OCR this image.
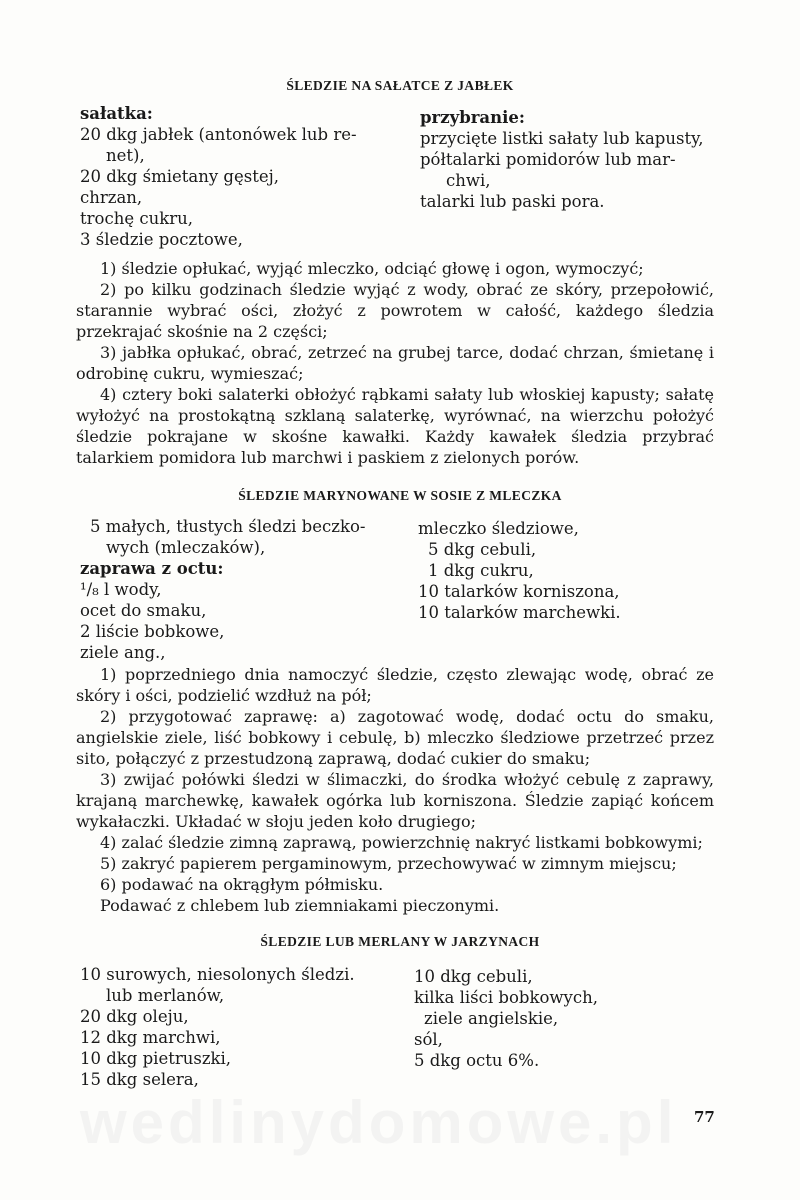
ŚLEDZIE NA SAŁATCE Z JABŁEK
sałatka:
20 dkg jabłek (antonówek lub re-
net),
20 dkg śmietany gęstej,
chrzan,
trochę cukru,
3 śledzie pocztowe,
przybranie:
przycięte listki sałaty lub kapusty,
półtalarki pomidorów lub mar-
chwi,
talarki lub paski pora.

1) śledzie opłukać, wyjąć mleczko, odciąć głowę i ogon, wymoczyć;

2) po kilku godzinach śledzie wyjąć z wody, obrać ze skóry, przepołowić, starannie wybrać ości, złożyć z powrotem w całość, każdego śledzia przekrajać skośnie na 2 części;

3) jabłka opłukać, obrać, zetrzeć na grubej tarce, dodać chrzan, śmietanę i odrobinę cukru, wymieszać;

4) cztery boki salaterki obłożyć rąbkami sałaty lub włoskiej kapusty; sałatę wyłożyć na prostokątną szklaną salaterkę, wyrównać, na wierzchu położyć śledzie pokrajane w skośne kawałki. Każdy kawałek śledzia przybrać talarkiem pomidora lub marchwi i paskiem z zielonych porów.

ŚLEDZIE MARYNOWANE W SOSIE Z MLECZKA
5 małych, tłustych śledzi beczko-
wych (mleczaków),
zaprawa z octu:
¹/₈ l wody,
ocet do smaku,
2 liście bobkowe,
ziele ang.,
mleczko śledziowe,
5 dkg cebuli,
1 dkg cukru,
10 talarków korniszona,
10 talarków marchewki.

1) poprzedniego dnia namoczyć śledzie, często zlewając wodę, obrać ze skóry i ości, podzielić wzdłuż na pół;

2) przygotować zaprawę: a) zagotować wodę, dodać octu do smaku, angielskie ziele, liść bobkowy i cebulę, b) mleczko śledziowe przetrzeć przez sito, połączyć z przestudzoną zaprawą, dodać cukier do smaku;

3) zwijać połówki śledzi w ślimaczki, do środka włożyć cebulę z zaprawy, krajaną marchewkę, kawałek ogórka lub korniszona. Śledzie zapiąć końcem wykałaczki. Układać w słoju jeden koło drugiego;

4) zalać śledzie zimną zaprawą, powierzchnię nakryć listkami bobkowymi;

5) zakryć papierem pergaminowym, przechowywać w zimnym miejscu;

6) podawać na okrągłym półmisku.

Podawać z chlebem lub ziemniakami pieczonymi.

ŚLEDZIE LUB MERLANY W JARZYNACH
10 surowych, niesolonych śledzi.
lub merlanów,
20 dkg oleju,
12 dkg marchwi,
10 dkg pietruszki,
15 dkg selera,
10 dkg cebuli,
kilka liści bobkowych,
ziele angielskie,
sól,
5 dkg octu 6%.
wedlinydomowe.pl	77
